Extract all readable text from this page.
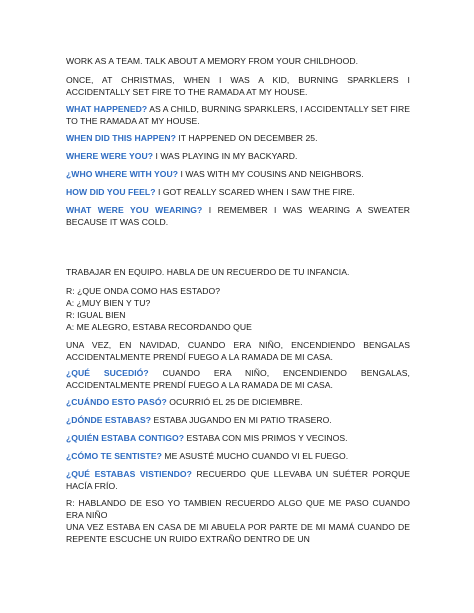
WORK AS A TEAM. TALK ABOUT A MEMORY FROM YOUR CHILDHOOD.

ONCE, AT CHRISTMAS, WHEN I WAS A KID, BURNING SPARKLERS I ACCIDENTALLY SET FIRE TO THE RAMADA AT MY HOUSE.

WHAT HAPPENED? AS A CHILD, BURNING SPARKLERS, I ACCIDENTALLY SET FIRE TO THE RAMADA AT MY HOUSE.

WHEN DID THIS HAPPEN? IT HAPPENED ON DECEMBER 25.

WHERE WERE YOU? I WAS PLAYING IN MY BACKYARD.

¿WHO WHERE WITH YOU? I WAS WITH MY COUSINS AND NEIGHBORS.

HOW DID YOU FEEL? I GOT REALLY SCARED WHEN I SAW THE FIRE.

WHAT WERE YOU WEARING? I REMEMBER I WAS WEARING A SWEATER BECAUSE IT WAS COLD.

TRABAJAR EN EQUIPO. HABLA DE UN RECUERDO DE TU INFANCIA.

R: ¿QUE ONDA COMO HAS ESTADO?

A: ¿MUY BIEN Y TU?

R: IGUAL BIEN

A: ME ALEGRO, ESTABA RECORDANDO QUE

UNA VEZ, EN NAVIDAD, CUANDO ERA NIÑO, ENCENDIENDO BENGALAS ACCIDENTALMENTE PRENDÍ FUEGO A LA RAMADA DE MI CASA.

¿QUÉ SUCEDIÓ? CUANDO ERA NIÑO, ENCENDIENDO BENGALAS, ACCIDENTALMENTE PRENDÍ FUEGO A LA RAMADA DE MI CASA.

¿CUÁNDO ESTO PASÓ? OCURRIÓ EL 25 DE DICIEMBRE.

¿DÓNDE ESTABAS? ESTABA JUGANDO EN MI PATIO TRASERO.

¿QUIÉN ESTABA CONTIGO? ESTABA CON MIS PRIMOS Y VECINOS.

¿CÓMO TE SENTISTE? ME ASUSTÉ MUCHO CUANDO VI EL FUEGO.

¿QUÉ ESTABAS VISTIENDO? RECUERDO QUE LLEVABA UN SUÉTER PORQUE HACÍA FRÍO.

R: HABLANDO DE ESO YO TAMBIEN RECUERDO ALGO QUE ME PASO CUANDO ERA NIÑO

UNA VEZ ESTABA EN CASA DE MI ABUELA POR PARTE DE MI MAMÁ CUANDO DE REPENTE ESCUCHE UN RUIDO EXTRAÑO DENTRO DE UN
